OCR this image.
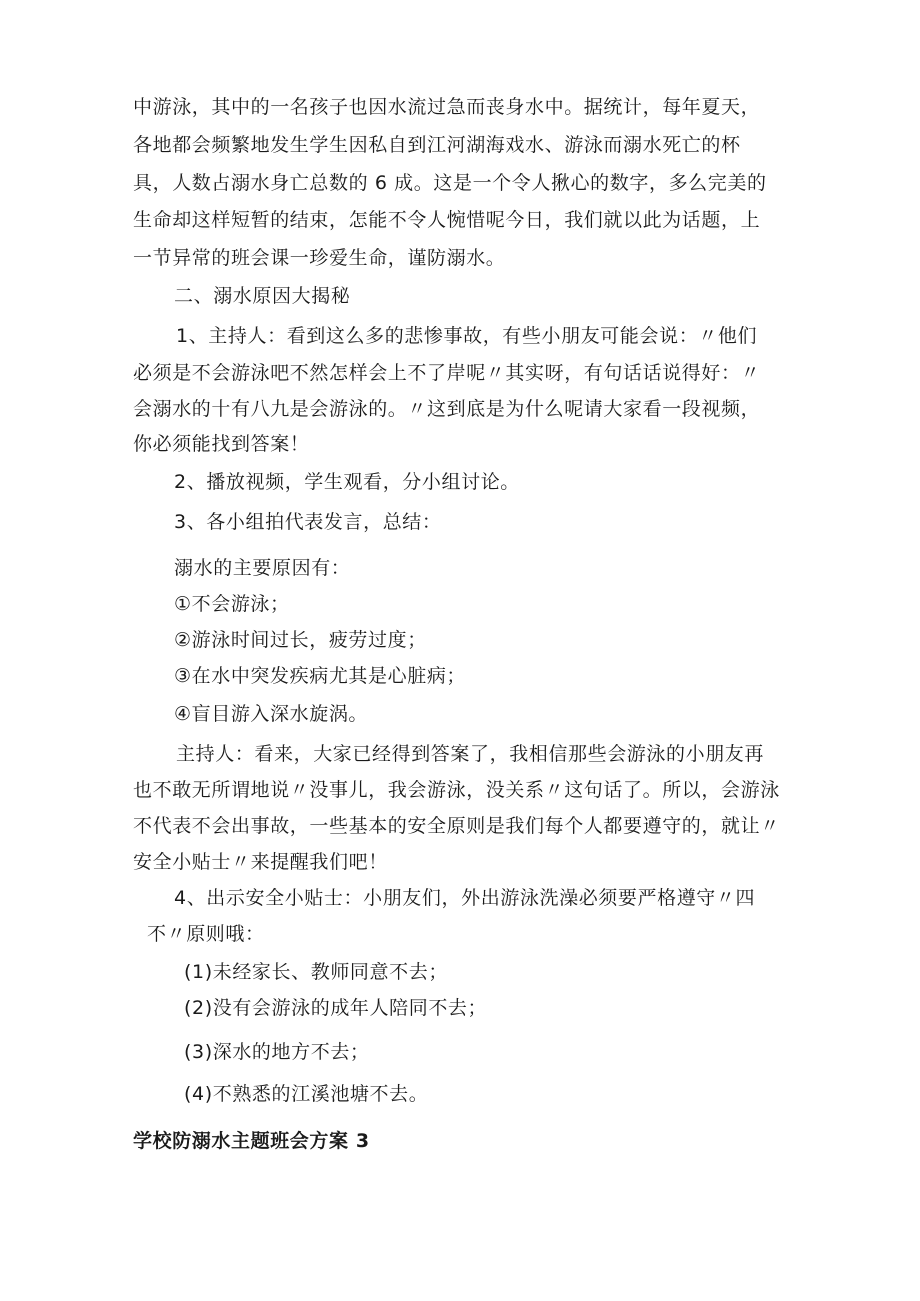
中游泳，其中的一名孩子也因水流过急而丧身水中。据统计，每年夏天，
各地都会频繁地发生学生因私自到江河湖海戏水、游泳而溺水死亡的杯
具，人数占溺水身亡总数的 6 成。这是一个令人揪心的数字，多么完美的
生命却这样短暂的结束，怎能不令人惋惜呢今日，我们就以此为话题，上
一节异常的班会课一珍爱生命，谨防溺水。
二、溺水原因大揭秘
1、主持人：看到这么多的悲惨事故，有些小朋友可能会说：〃他们
必须是不会游泳吧不然怎样会上不了岸呢〃其实呀，有句话话说得好：〃
会溺水的十有八九是会游泳的。〃这到底是为什么呢请大家看一段视频，
你必须能找到答案！
2、播放视频，学生观看，分小组讨论。
3、各小组拍代表发言，总结：
溺水的主要原因有：
①不会游泳；
②游泳时间过长，疲劳过度；
③在水中突发疾病尤其是心脏病；
④盲目游入深水旋涡。
主持人：看来，大家已经得到答案了，我相信那些会游泳的小朋友再
也不敢无所谓地说〃没事儿，我会游泳，没关系〃这句话了。所以，会游泳
不代表不会出事故，一些基本的安全原则是我们每个人都要遵守的，就让〃
安全小贴士〃来提醒我们吧！
4、出示安全小贴士：小朋友们，外出游泳洗澡必须要严格遵守〃四
不〃原则哦：
(1)未经家长、教师同意不去；
(2)没有会游泳的成年人陪同不去；
(3)深水的地方不去；
(4)不熟悉的江溪池塘不去。
学校防溺水主题班会方案 3
